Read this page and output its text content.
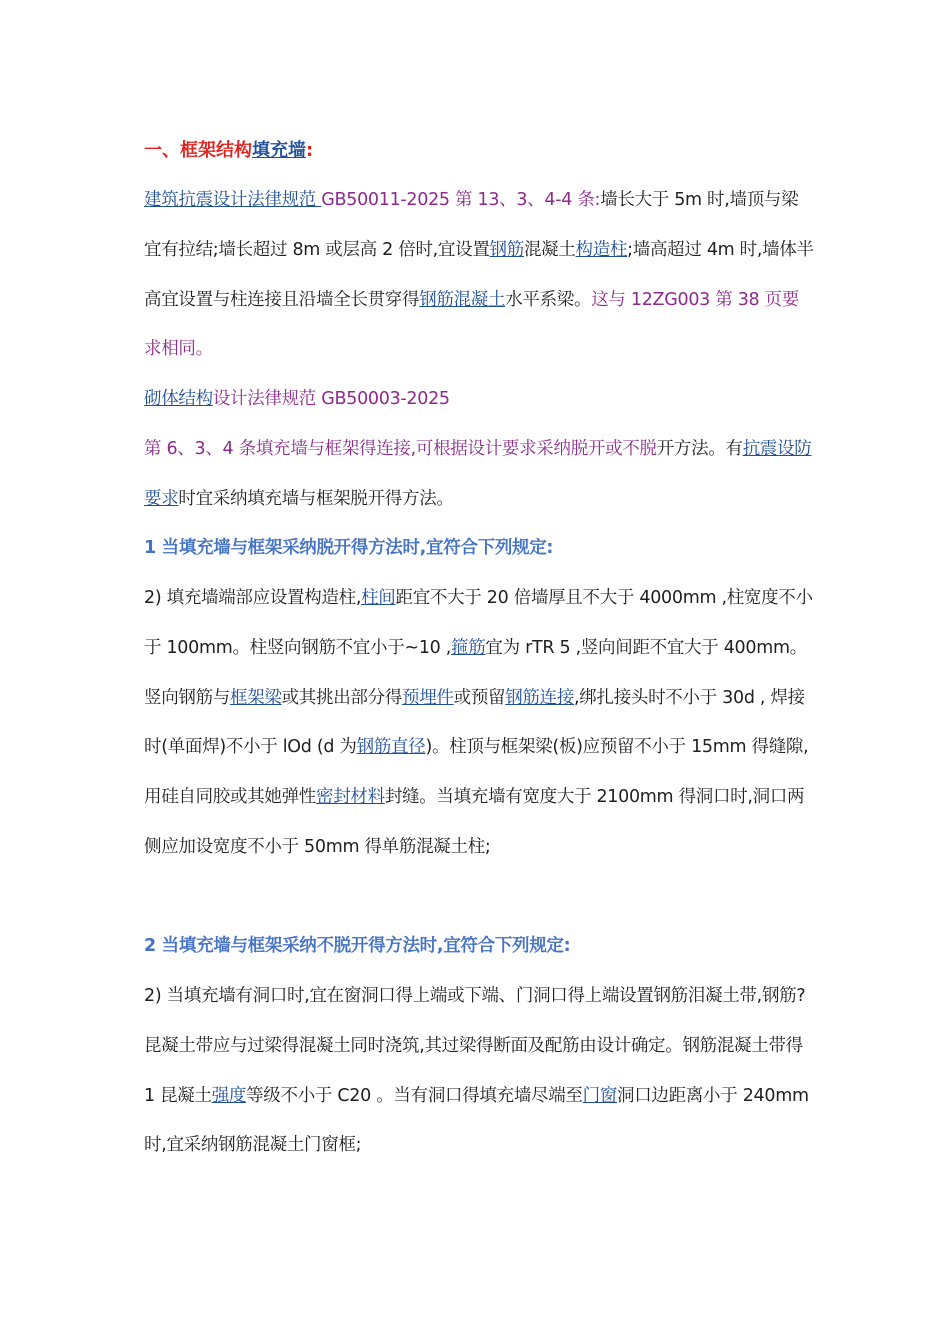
一、框架结构填充墙:

建筑抗震设计法律规范 GB50011-2025 第 13、3、4-4 条:墙长大于 5m 时,墙顶与梁宜有拉结;墙长超过 8m 或层高 2 倍时,宜设置钢筋混凝土构造柱;墙高超过 4m 时,墙体半高宜设置与柱连接且沿墙全长贯穿得钢筋混凝土水平系梁。这与 12ZG003 第 38 页要求相同。

砌体结构设计法律规范 GB50003-2025

第 6、3、4 条填充墙与框架得连接,可根据设计要求采纳脱开或不脱开方法。有抗震设防要求时宜采纳填充墙与框架脱开得方法。

1 当填充墙与框架采纳脱开得方法时,宜符合下列规定:

2) 填充墙端部应设置构造柱,柱间距宜不大于 20 倍墙厚且不大于 4000mm ,柱宽度不小于 100mm。柱竖向钢筋不宜小于~10 ,箍筋宜为 rTR 5 ,竖向间距不宜大于 400mm。竖向钢筋与框架梁或其挑出部分得预埋件或预留钢筋连接,绑扎接头时不小于 30d , 焊接时(单面焊)不小于 lOd (d 为钢筋直径)。柱顶与框架梁(板)应预留不小于 15mm 得缝隙,用硅自同胶或其她弹性密封材料封缝。当填充墙有宽度大于 2100mm 得洞口时,洞口两侧应加设宽度不小于 50mm 得单筋混凝土柱;

2 当填充墙与框架采纳不脱开得方法时,宜符合下列规定:

2) 当填充墙有洞口时,宜在窗洞口得上端或下端、门洞口得上端设置钢筋泪凝土带,钢筋?昆凝土带应与过梁得混凝土同时浇筑,其过梁得断面及配筋由设计确定。钢筋混凝土带得 1 昆凝土强度等级不小于 C20 。当有洞口得填充墙尽端至门窗洞口边距离小于 240mm 时,宜采纳钢筋混凝土门窗框;
